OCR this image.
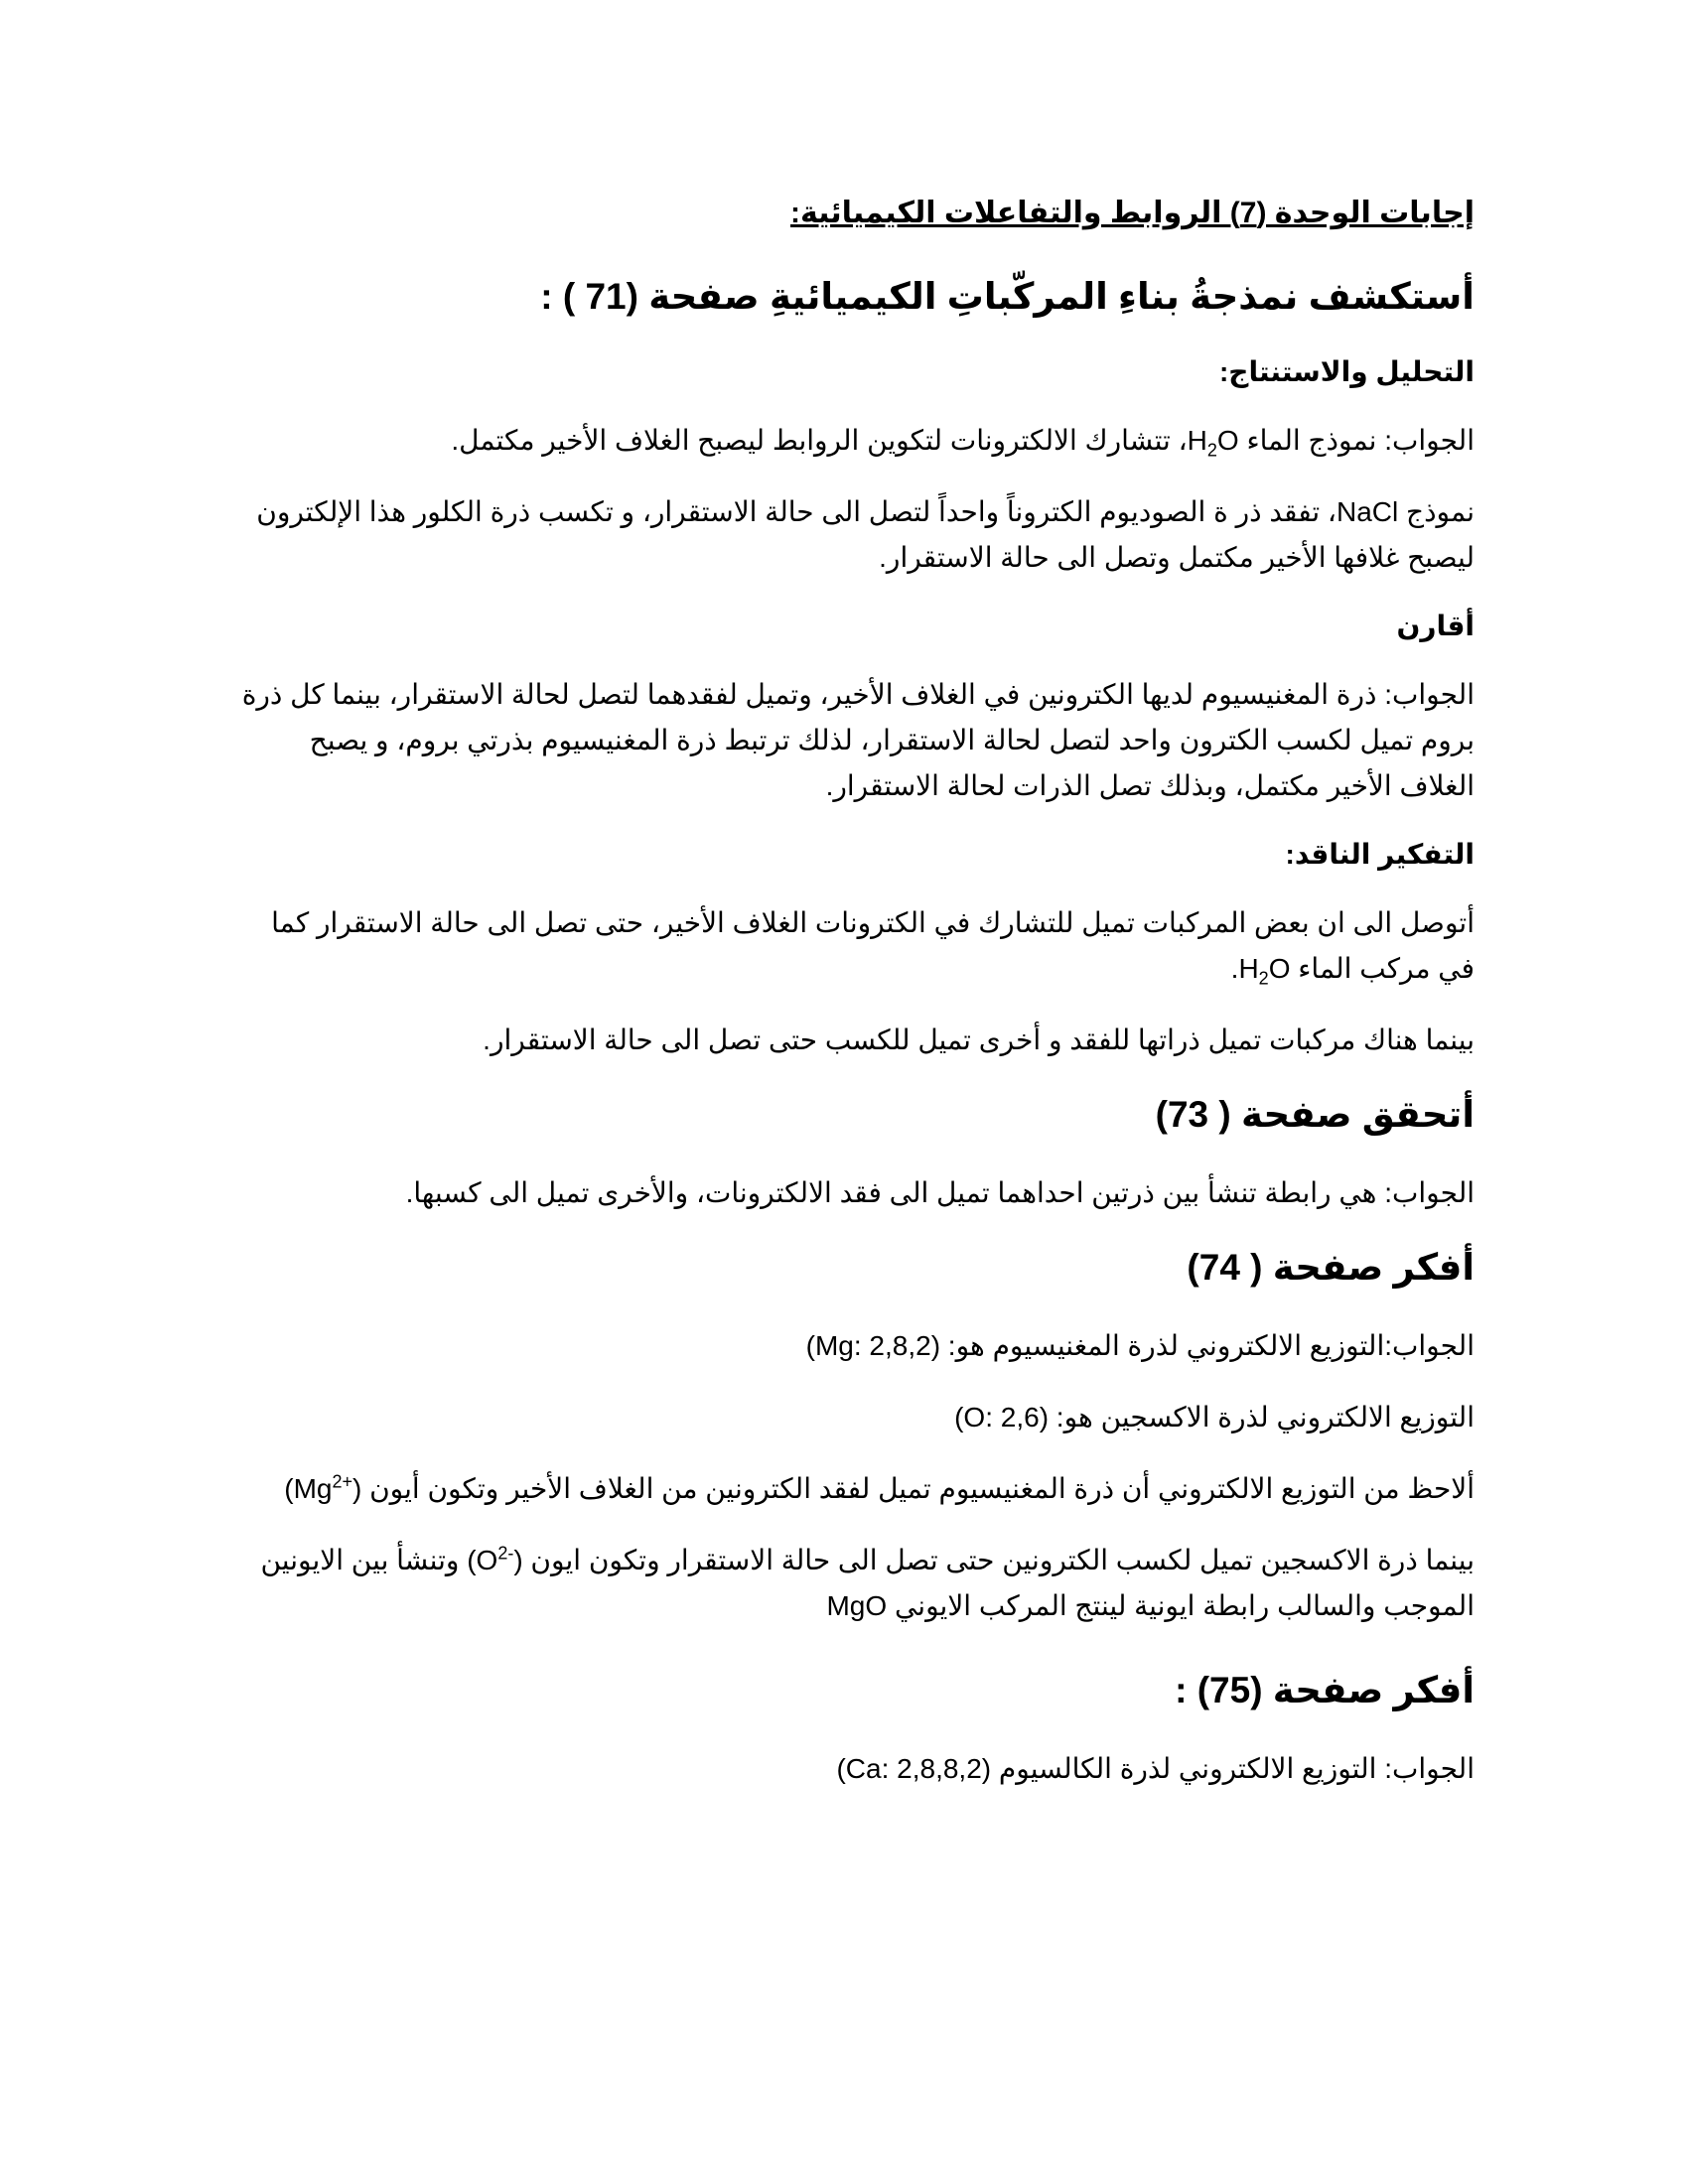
إجابات الوحدة (7) الروابط والتفاعلات الكيميائية:
أستكشف نمذجةُ بناءِ المركّباتِ الكيميائيةِ صفحة (71 ) :
التحليل والاستنتاج:
الجواب: نموذج الماء $H_2O،$ تتشارك الالكترونات لتكوين الروابط ليصبح الغلاف الأخير مكتمل.
نموذج NaCl، تفقد ذر ة الصوديوم الكتروناً واحداً لتصل الى حالة الاستقرار، و تكسب ذرة الكلور هذا الإلكترون ليصبح غلافها الأخير مكتمل وتصل الى حالة الاستقرار.
أقارن
الجواب: ذرة المغنيسيوم لديها الكترونين في الغلاف الأخير، وتميل لفقدهما لتصل لحالة الاستقرار، بينما كل ذرة بروم تميل لكسب الكترون واحد لتصل لحالة الاستقرار، لذلك ترتبط ذرة المغنيسيوم بذرتي بروم، و يصبح الغلاف الأخير مكتمل، وبذلك تصل الذرات لحالة الاستقرار.
التفكير الناقد:
أتوصل الى ان بعض المركبات تميل للتشارك في الكترونات الغلاف الأخير، حتى تصل الى حالة الاستقرار كما في مركب الماء $H_2O$.
بينما هناك مركبات تميل ذراتها للفقد و أخرى تميل للكسب حتى تصل الى حالة الاستقرار.
أتحقق صفحة ( 73)
الجواب: هي رابطة تنشأ بين ذرتين احداهما تميل الى فقد الالكترونات، والأخرى تميل الى كسبها.
أفكر صفحة ( 74)
الجواب:التوزيع الالكتروني لذرة المغنيسيوم هو: (Mg: 2,8,2)
التوزيع الالكتروني لذرة الاكسجين هو: (O: 2,6)
ألاحظ من التوزيع الالكتروني أن ذرة المغنيسيوم تميل لفقد الكترونين من الغلاف الأخير وتكون أيون $(Mg^{2+})$
بينما ذرة الاكسجين تميل لكسب الكترونين حتى تصل الى حالة الاستقرار وتكون ايون $(O^{2-})$ وتنشأ بين الايونين الموجب والسالب رابطة ايونية لينتج المركب الايوني MgO
أفكر صفحة (75) :
الجواب: التوزيع الالكتروني لذرة الكالسيوم (Ca: 2,8,8,2)
